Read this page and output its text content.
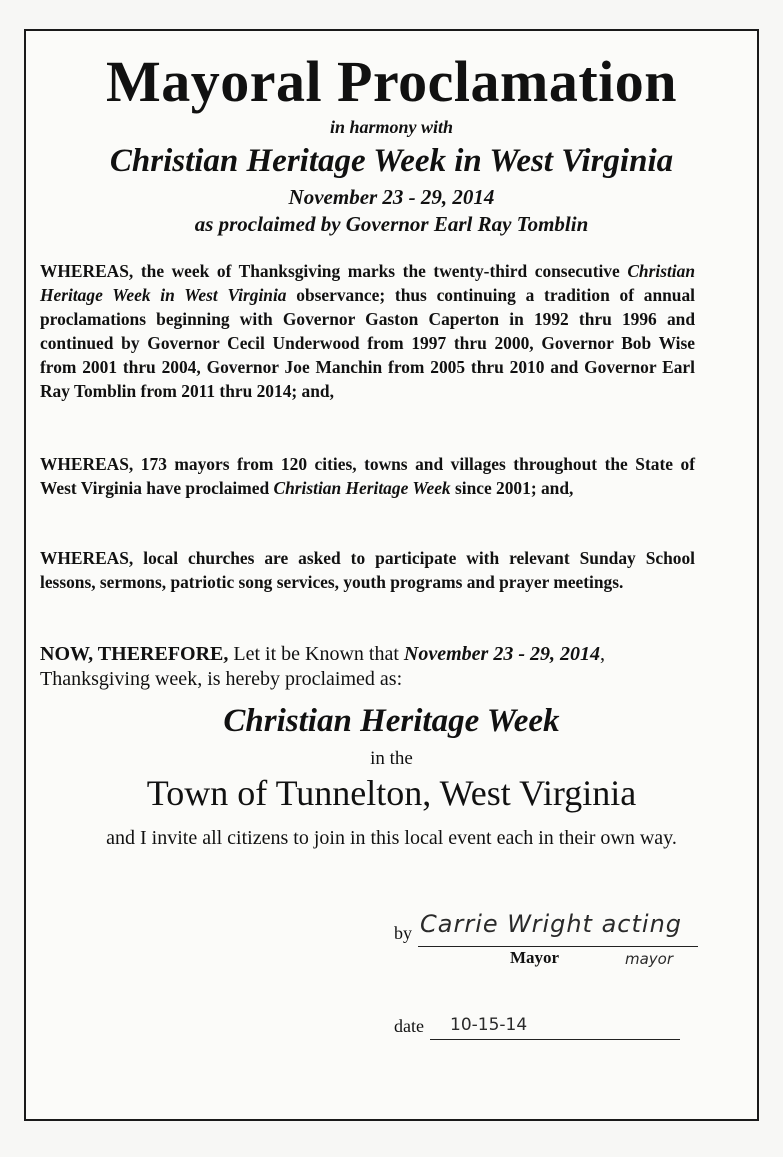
Mayoral Proclamation
in harmony with
Christian Heritage Week in West Virginia
November 23 - 29, 2014
as proclaimed by Governor Earl Ray Tomblin
WHEREAS, the week of Thanksgiving marks the twenty-third consecutive Christian Heritage Week in West Virginia observance; thus continuing a tradition of annual proclamations beginning with Governor Gaston Caperton in 1992 thru 1996 and continued by Governor Cecil Underwood from 1997 thru 2000, Governor Bob Wise from 2001 thru 2004, Governor Joe Manchin from 2005 thru 2010 and Governor Earl Ray Tomblin from 2011 thru 2014; and,
WHEREAS, 173 mayors from 120 cities, towns and villages throughout the State of West Virginia have proclaimed Christian Heritage Week since 2001; and,
WHEREAS, local churches are asked to participate with relevant Sunday School lessons, sermons, patriotic song services, youth programs and prayer meetings.
NOW, THEREFORE, Let it be Known that November 23 - 29, 2014, Thanksgiving week, is hereby proclaimed as:
Christian Heritage Week
in the
Town of Tunnelton, West Virginia
and I invite all citizens to join in this local event each in their own way.
by Carrie Wright acting
Mayor	mayor
date 10-15-14
